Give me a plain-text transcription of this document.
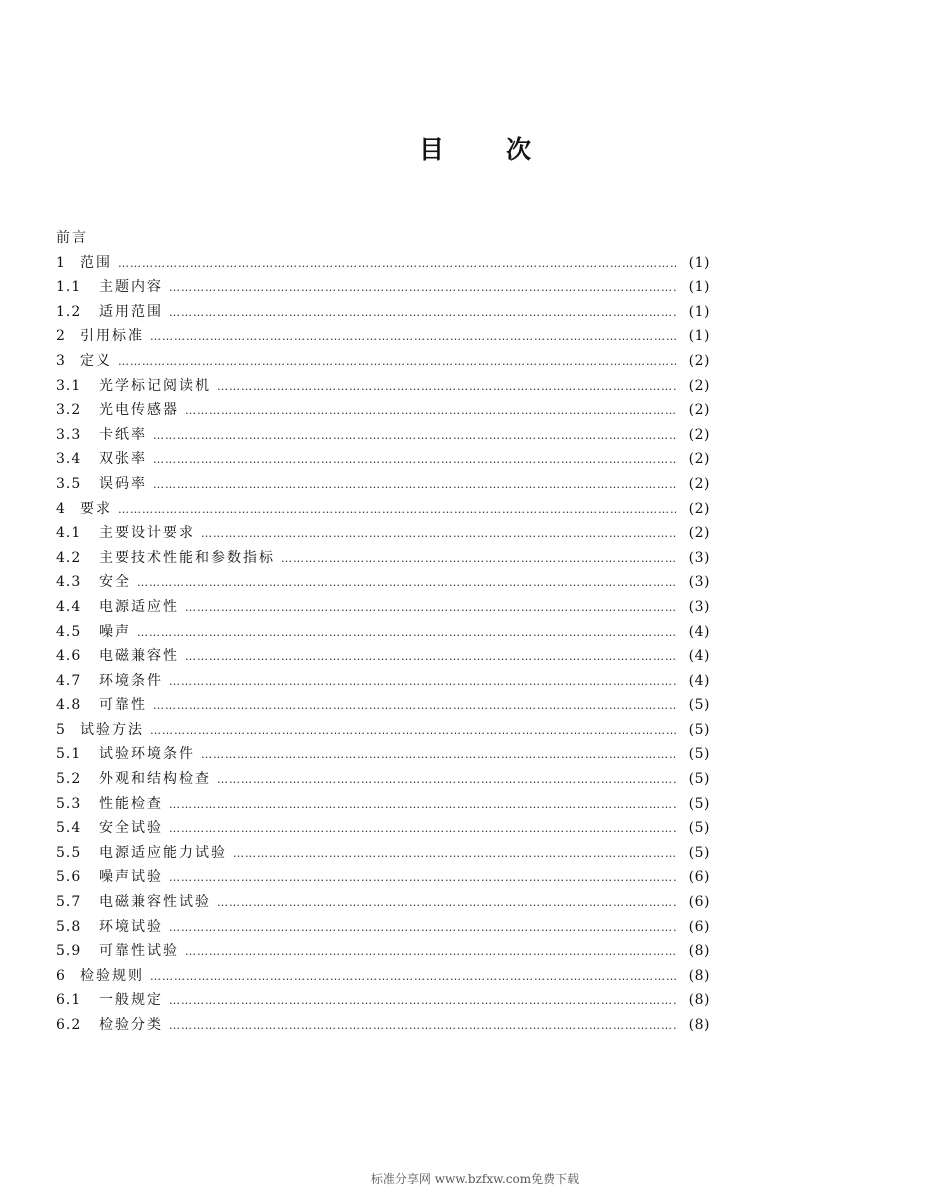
目 次
前言
1	范围 …………………………………………………………………………………………………………………………………………………………………………	(1)
1.1	主题内容 …………………………………………………………………………………………………………………………………………………………………………	(1)
1.2	适用范围 …………………………………………………………………………………………………………………………………………………………………………	(1)
2	引用标准 …………………………………………………………………………………………………………………………………………………………………………	(1)
3	定义 …………………………………………………………………………………………………………………………………………………………………………	(2)
3.1	光学标记阅读机 …………………………………………………………………………………………………………………………………………………………………………	(2)
3.2	光电传感器 …………………………………………………………………………………………………………………………………………………………………………	(2)
3.3	卡纸率 …………………………………………………………………………………………………………………………………………………………………………	(2)
3.4	双张率 …………………………………………………………………………………………………………………………………………………………………………	(2)
3.5	误码率 …………………………………………………………………………………………………………………………………………………………………………	(2)
4	要求 …………………………………………………………………………………………………………………………………………………………………………	(2)
4.1	主要设计要求 …………………………………………………………………………………………………………………………………………………………………………	(2)
4.2	主要技术性能和参数指标 …………………………………………………………………………………………………………………………………………………………………………	(3)
4.3	安全 …………………………………………………………………………………………………………………………………………………………………………	(3)
4.4	电源适应性 …………………………………………………………………………………………………………………………………………………………………………	(3)
4.5	噪声 …………………………………………………………………………………………………………………………………………………………………………	(4)
4.6	电磁兼容性 …………………………………………………………………………………………………………………………………………………………………………	(4)
4.7	环境条件 …………………………………………………………………………………………………………………………………………………………………………	(4)
4.8	可靠性 …………………………………………………………………………………………………………………………………………………………………………	(5)
5	试验方法 …………………………………………………………………………………………………………………………………………………………………………	(5)
5.1	试验环境条件 …………………………………………………………………………………………………………………………………………………………………………	(5)
5.2	外观和结构检查 …………………………………………………………………………………………………………………………………………………………………………	(5)
5.3	性能检查 …………………………………………………………………………………………………………………………………………………………………………	(5)
5.4	安全试验 …………………………………………………………………………………………………………………………………………………………………………	(5)
5.5	电源适应能力试验 …………………………………………………………………………………………………………………………………………………………………………	(5)
5.6	噪声试验 …………………………………………………………………………………………………………………………………………………………………………	(6)
5.7	电磁兼容性试验 …………………………………………………………………………………………………………………………………………………………………………	(6)
5.8	环境试验 …………………………………………………………………………………………………………………………………………………………………………	(6)
5.9	可靠性试验 …………………………………………………………………………………………………………………………………………………………………………	(8)
6	检验规则 …………………………………………………………………………………………………………………………………………………………………………	(8)
6.1	一般规定 …………………………………………………………………………………………………………………………………………………………………………	(8)
6.2	检验分类 …………………………………………………………………………………………………………………………………………………………………………	(8)
标准分享网 www.bzfxw.com免费下载
